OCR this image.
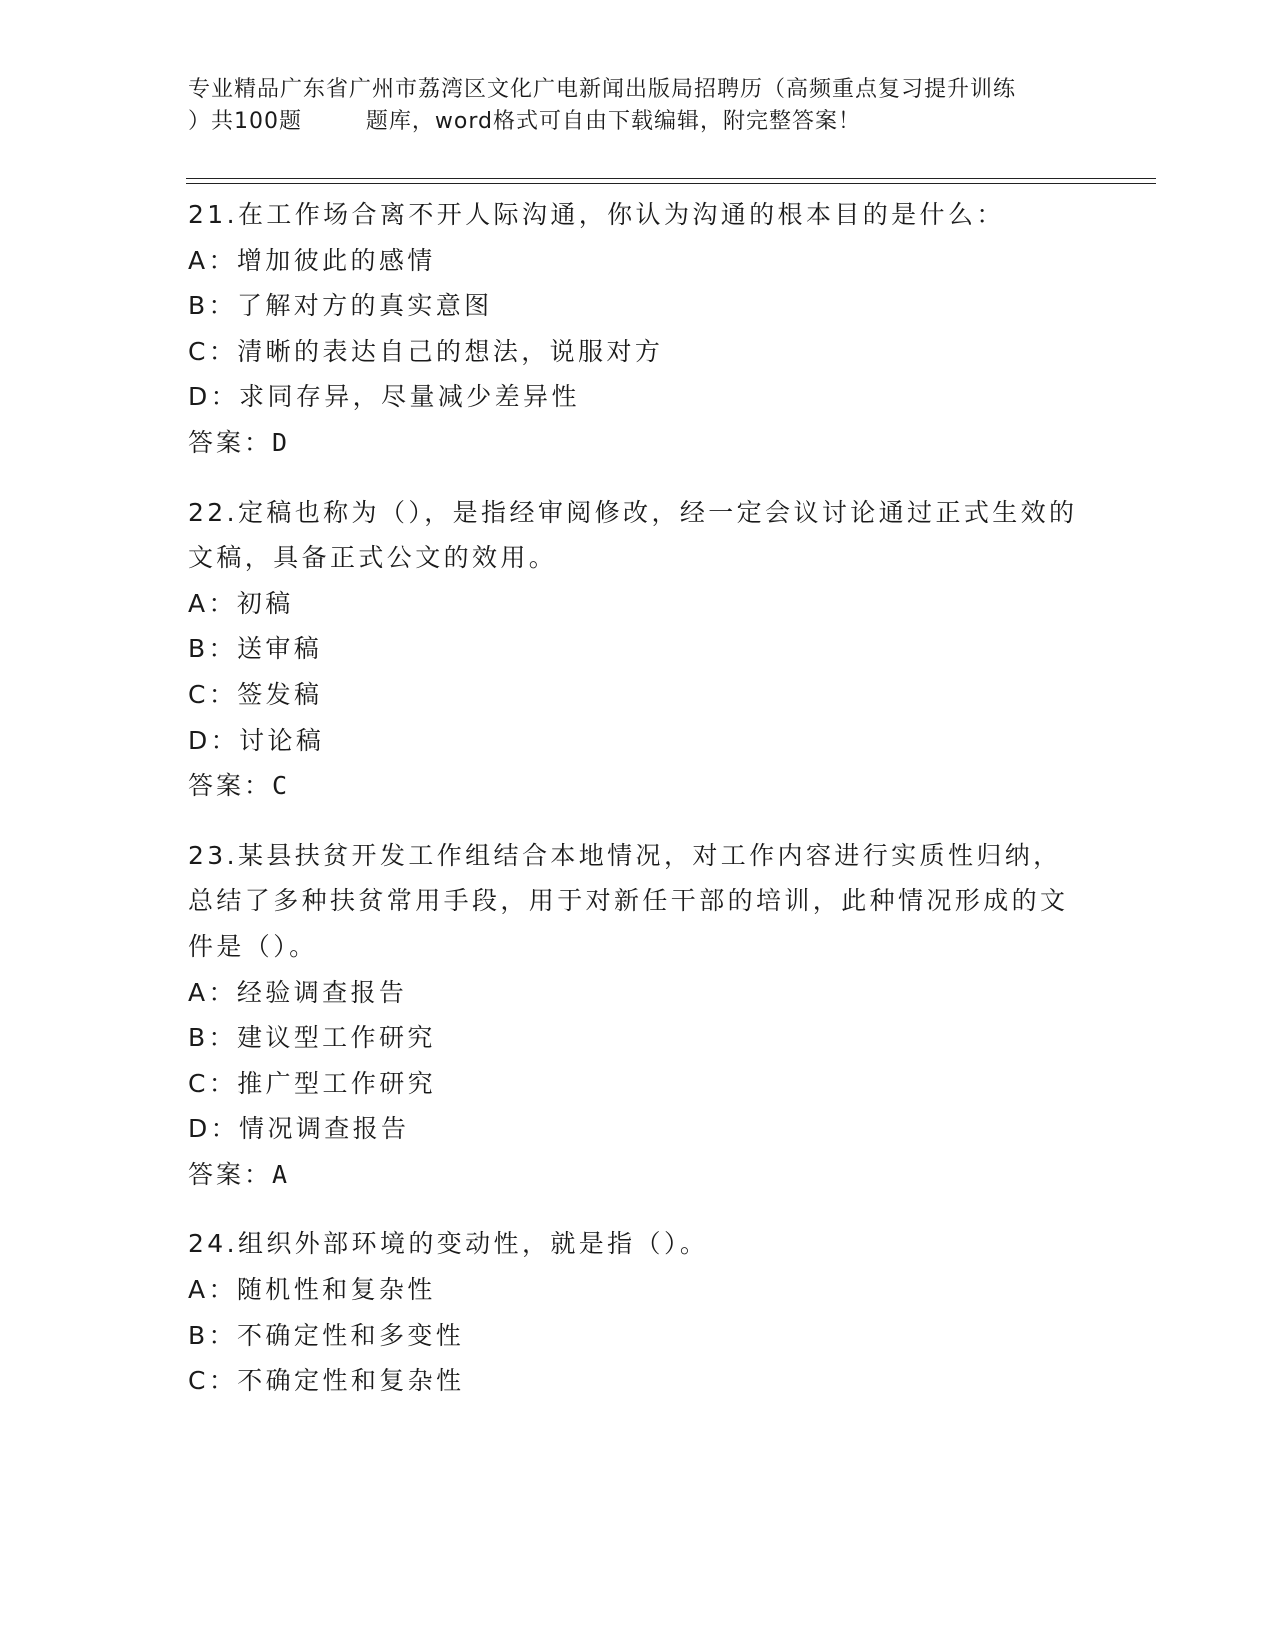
专业精品广东省广州市荔湾区文化广电新闻出版局招聘历（高频重点复习提升训练
）共100题        题库，word格式可自由下载编辑，附完整答案！

21.在工作场合离不开人际沟通，你认为沟通的根本目的是什么：

A：增加彼此的感情

B：了解对方的真实意图

C：清晰的表达自己的想法，说服对方

D：求同存异，尽量减少差异性

答案：D

22.定稿也称为（），是指经审阅修改，经一定会议讨论通过正式生效的文稿，具备正式公文的效用。

A：初稿

B：送审稿

C：签发稿

D：讨论稿

答案：C

23.某县扶贫开发工作组结合本地情况，对工作内容进行实质性归纳，总结了多种扶贫常用手段，用于对新任干部的培训，此种情况形成的文件是（）。

A：经验调查报告

B：建议型工作研究

C：推广型工作研究

D：情况调查报告

答案：A

24.组织外部环境的变动性，就是指（）。

A：随机性和复杂性

B：不确定性和多变性

C：不确定性和复杂性
